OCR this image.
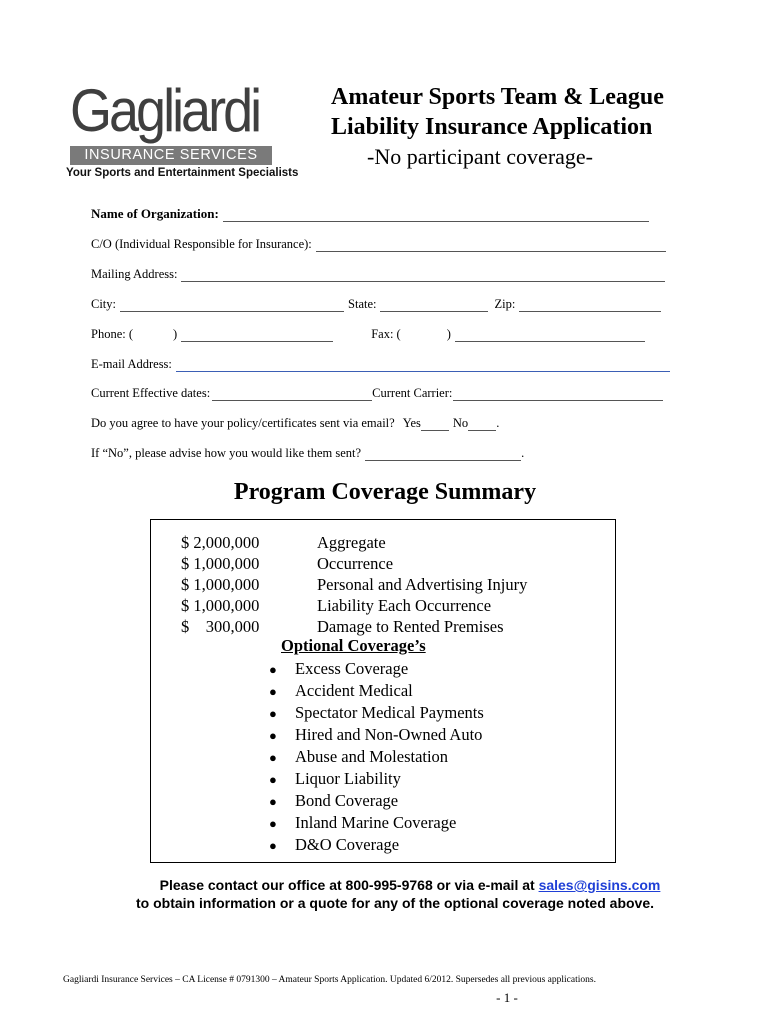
Gagliardi
INSURANCE SERVICES
Your Sports and Entertainment Specialists
Amateur Sports Team & League
Liability Insurance Application
-No participant coverage-
Name of Organization:
C/O (Individual Responsible for Insurance):
Mailing Address:
City:	State:	Zip:
Phone: (	)	Fax: (	)
E-mail Address:
Current Effective dates:	Current Carrier:
Do you agree to have your policy/certificates sent via email? Yes	No .
If “No”, please advise how you would like them sent?	.
Program Coverage Summary
$ 2,000,000	Aggregate
$ 1,000,000	Occurrence
$ 1,000,000	Personal and Advertising Injury
$ 1,000,000	Liability Each Occurrence
$    300,000	Damage to Rented Premises
Optional Coverage’s
● Excess Coverage
● Accident Medical
● Spectator Medical Payments
● Hired and Non-Owned Auto
● Abuse and Molestation
● Liquor Liability
● Bond Coverage
● Inland Marine Coverage
● D&O Coverage
Please contact our office at 800-995-9768 or via e-mail at sales@gisins.com
to obtain information or a quote for any of the optional coverage noted above.
Gagliardi Insurance Services – CA License # 0791300 – Amateur Sports Application. Updated 6/2012. Supersedes all previous applications.
- 1 -
